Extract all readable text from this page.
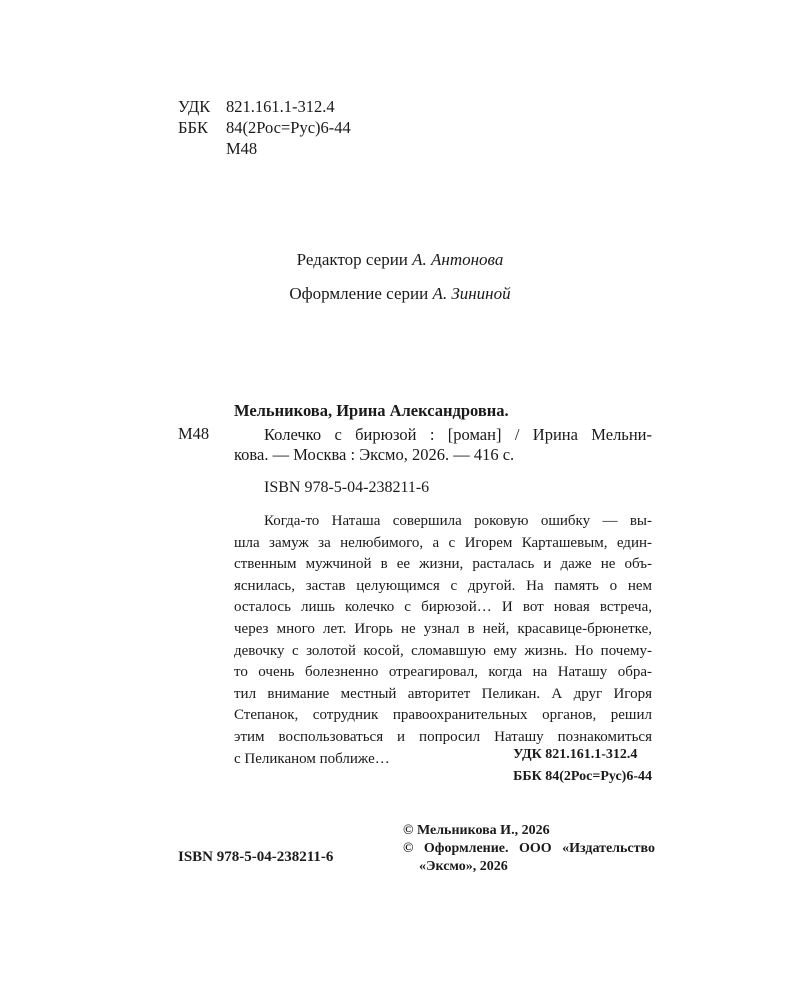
УДК 821.161.1-312.4
ББК	84(2Рос=Рус)6-44
М48
Редактор серии А. Антонова
Оформление серии А. Зининой
Мельникова, Ирина Александровна.
М48	Колечко с бирюзой : [роман] / Ирина Мельни-
кова. — Москва : Эксмо, 2026. — 416 с.
ISBN 978-5-04-238211-6
Когда-то Наташа совершила роковую ошибку — вы-
шла замуж за нелюбимого, а с Игорем Карташевым, един-
ственным мужчиной в ее жизни, расталась и даже не объ-
яснилась, застав целующимся с другой. На память о нем
осталось лишь колечко с бирюзой… И вот новая встреча,
через много лет. Игорь не узнал в ней, красавице-брюнетке,
девочку с золотой косой, сломавшую ему жизнь. Но почему-
то очень болезненно отреагировал, когда на Наташу обра-
тил внимание местный авторитет Пеликан. А друг Игоря
Степанок, сотрудник правоохранительных органов, решил
этим воспользоваться и попросил Наташу познакомиться
с Пеликаном поближе…	УДК 821.161.1-312.4
ББК 84(2Рос=Рус)6-44
© Мельникова И., 2026
© Оформление. ООО «Издательство
«Эксмо», 2026
ISBN 978-5-04-238211-6
